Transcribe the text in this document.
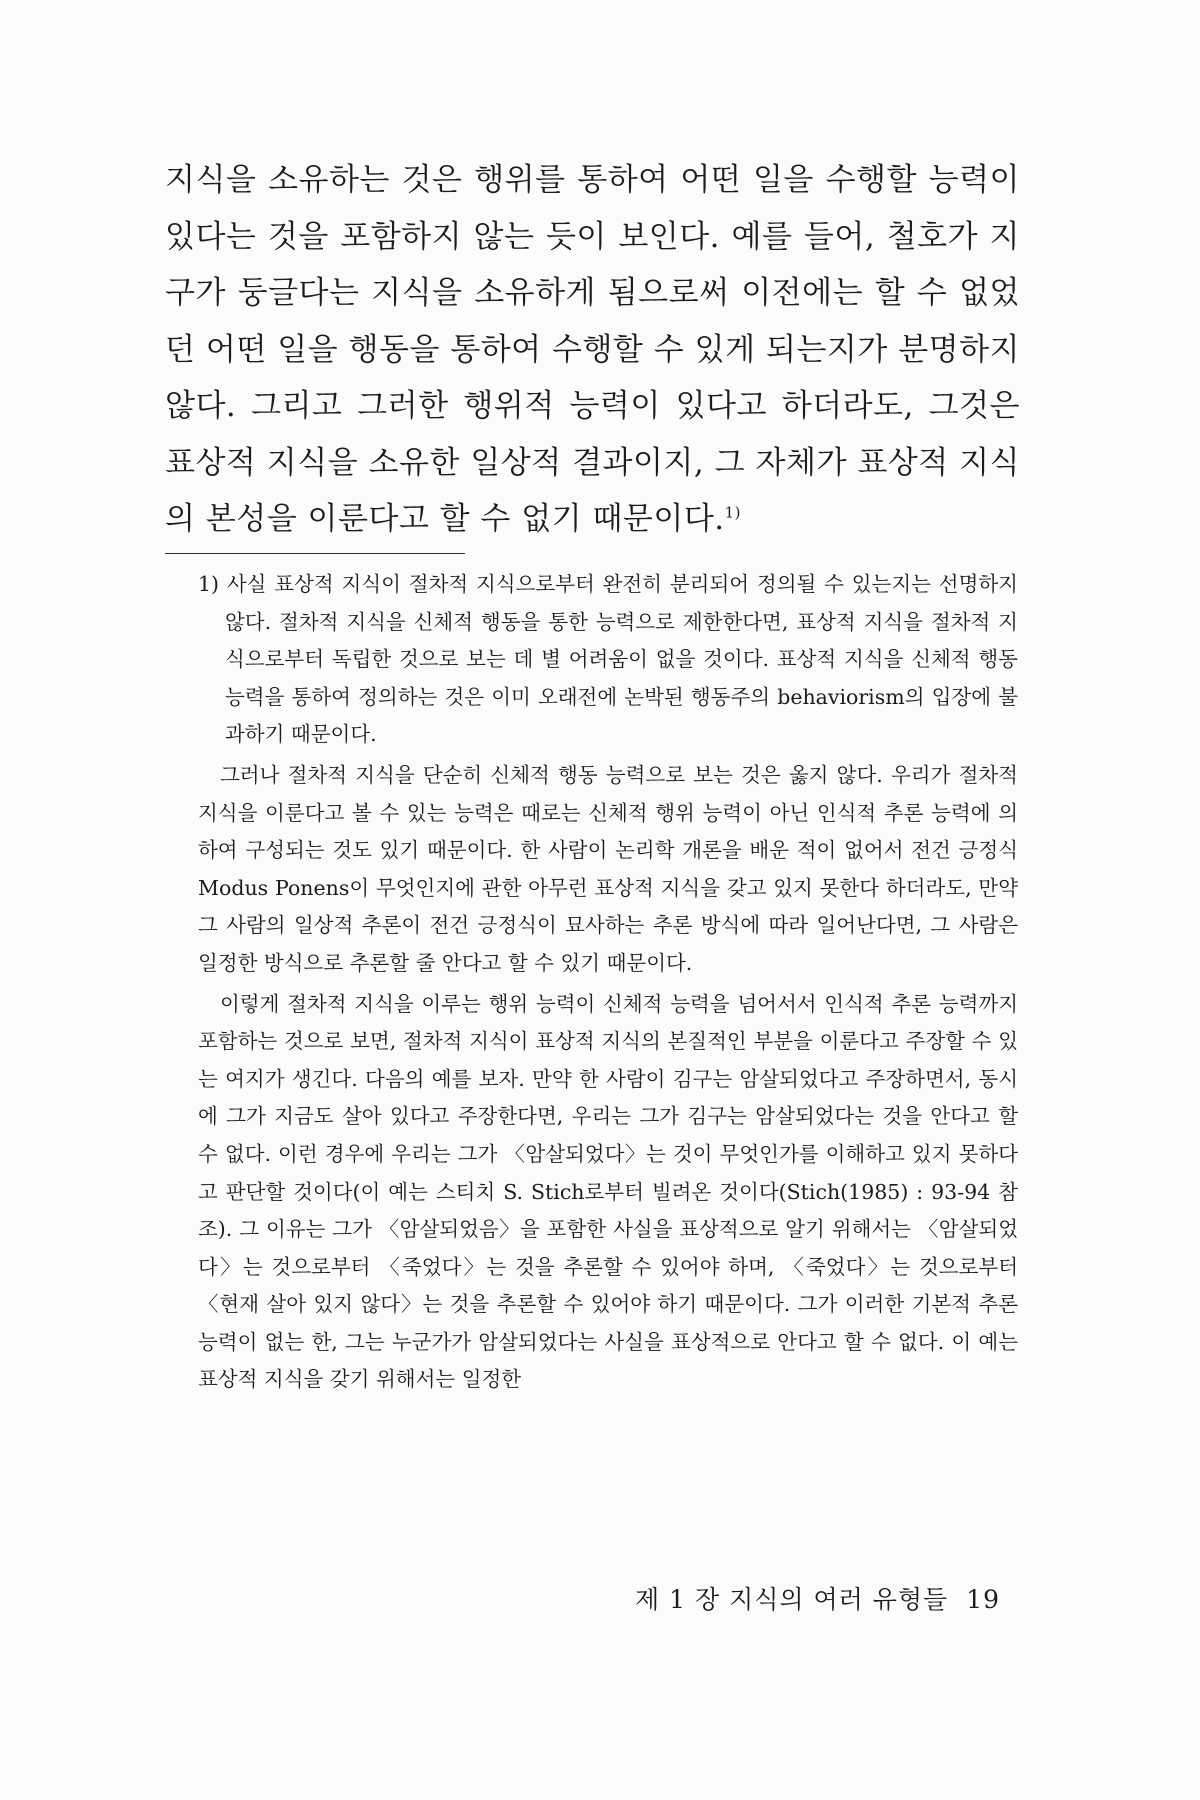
지식을 소유하는 것은 행위를 통하여 어떤 일을 수행할 능력이 있다는 것을 포함하지 않는 듯이 보인다. 예를 들어, 철호가 지구가 둥글다는 지식을 소유하게 됨으로써 이전에는 할 수 없었던 어떤 일을 행동을 통하여 수행할 수 있게 되는지가 분명하지 않다. 그리고 그러한 행위적 능력이 있다고 하더라도, 그것은 표상적 지식을 소유한 일상적 결과이지, 그 자체가 표상적 지식의 본성을 이룬다고 할 수 없기 때문이다.$^{1)}$

1) 사실 표상적 지식이 절차적 지식으로부터 완전히 분리되어 정의될 수 있는지는 선명하지 않다. 절차적 지식을 신체적 행동을 통한 능력으로 제한한다면, 표상적 지식을 절차적 지식으로부터 독립한 것으로 보는 데 별 어려움이 없을 것이다. 표상적 지식을 신체적 행동 능력을 통하여 정의하는 것은 이미 오래전에 논박된 행동주의 behaviorism의 입장에 불과하기 때문이다.

그러나 절차적 지식을 단순히 신체적 행동 능력으로 보는 것은 옳지 않다. 우리가 절차적 지식을 이룬다고 볼 수 있는 능력은 때로는 신체적 행위 능력이 아닌 인식적 추론 능력에 의하여 구성되는 것도 있기 때문이다. 한 사람이 논리학 개론을 배운 적이 없어서 전건 긍정식 Modus Ponens이 무엇인지에 관한 아무런 표상적 지식을 갖고 있지 못한다 하더라도, 만약 그 사람의 일상적 추론이 전건 긍정식이 묘사하는 추론 방식에 따라 일어난다면, 그 사람은 일정한 방식으로 추론할 줄 안다고 할 수 있기 때문이다.

이렇게 절차적 지식을 이루는 행위 능력이 신체적 능력을 넘어서서 인식적 추론 능력까지 포함하는 것으로 보면, 절차적 지식이 표상적 지식의 본질적인 부분을 이룬다고 주장할 수 있는 여지가 생긴다. 다음의 예를 보자. 만약 한 사람이 김구는 암살되었다고 주장하면서, 동시에 그가 지금도 살아 있다고 주장한다면, 우리는 그가 김구는 암살되었다는 것을 안다고 할 수 없다. 이런 경우에 우리는 그가 〈암살되었다〉는 것이 무엇인가를 이해하고 있지 못하다고 판단할 것이다(이 예는 스티치 S. Stich로부터 빌려온 것이다(Stich(1985) : 93-94 참조). 그 이유는 그가 〈암살되었음〉을 포함한 사실을 표상적으로 알기 위해서는 〈암살되었다〉는 것으로부터 〈죽었다〉는 것을 추론할 수 있어야 하며, 〈죽었다〉는 것으로부터 〈현재 살아 있지 않다〉는 것을 추론할 수 있어야 하기 때문이다. 그가 이러한 기본적 추론 능력이 없는 한, 그는 누군가가 암살되었다는 사실을 표상적으로 안다고 할 수 없다. 이 예는 표상적 지식을 갖기 위해서는 일정한

제 1 장 지식의 여러 유형들 19
